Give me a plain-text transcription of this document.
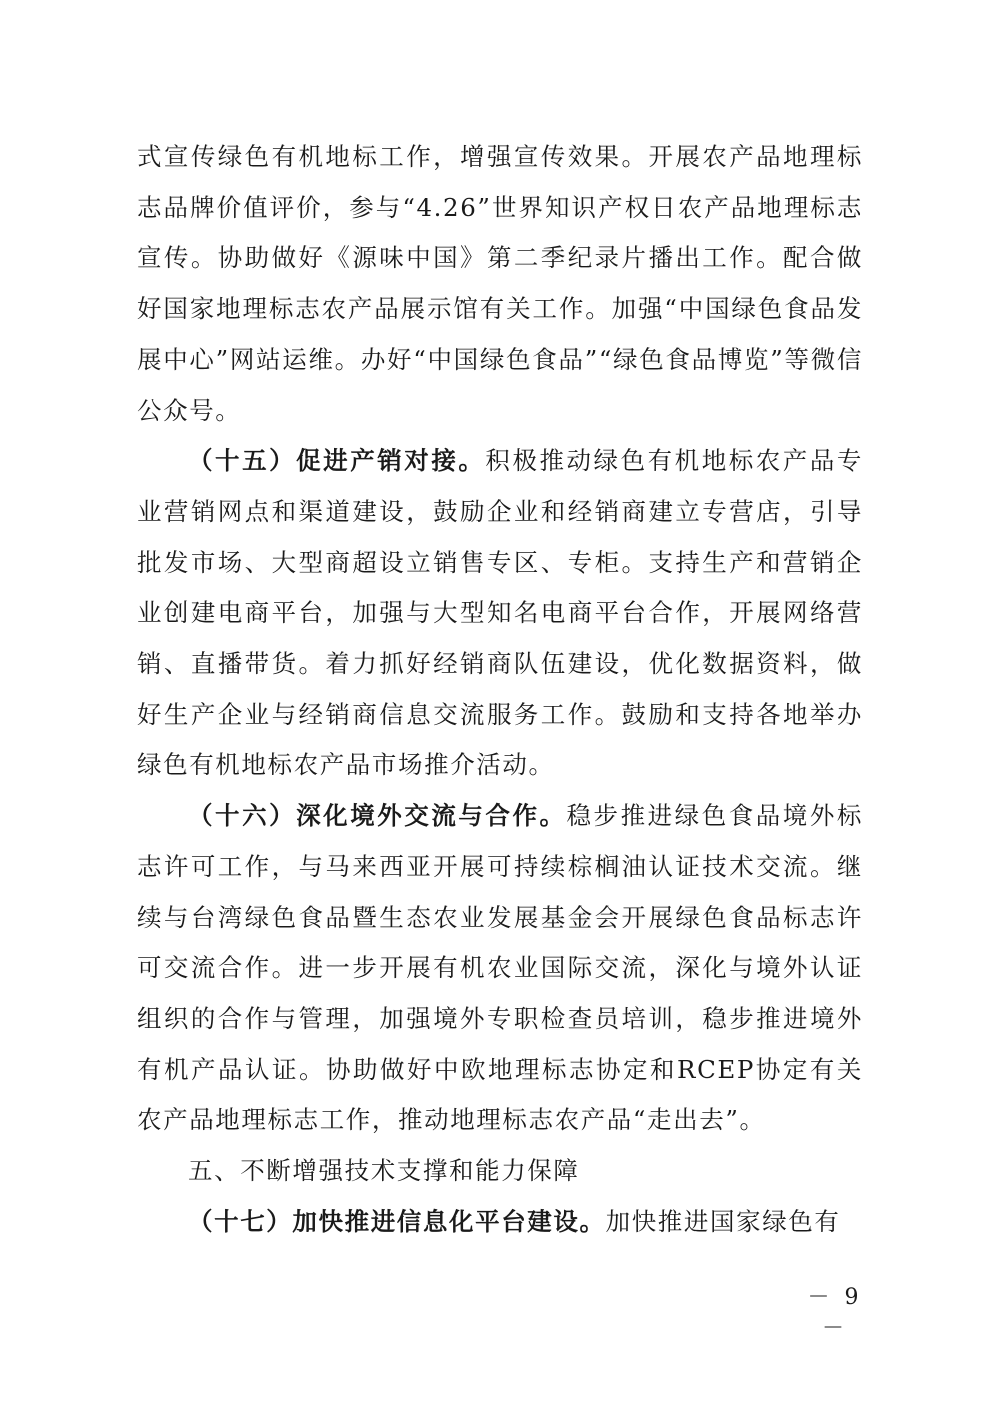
式宣传绿色有机地标工作，增强宣传效果。开展农产品地理标志品牌价值评价，参与“4.26”世界知识产权日农产品地理标志宣传。协助做好《源味中国》第二季纪录片播出工作。配合做好国家地理标志农产品展示馆有关工作。加强“中国绿色食品发展中心”网站运维。办好“中国绿色食品”“绿色食品博览”等微信公众号。

（十五）促进产销对接。积极推动绿色有机地标农产品专业营销网点和渠道建设，鼓励企业和经销商建立专营店，引导批发市场、大型商超设立销售专区、专柜。支持生产和营销企业创建电商平台，加强与大型知名电商平台合作，开展网络营销、直播带货。着力抓好经销商队伍建设，优化数据资料，做好生产企业与经销商信息交流服务工作。鼓励和支持各地举办绿色有机地标农产品市场推介活动。

（十六）深化境外交流与合作。稳步推进绿色食品境外标志许可工作，与马来西亚开展可持续棕榈油认证技术交流。继续与台湾绿色食品暨生态农业发展基金会开展绿色食品标志许可交流合作。进一步开展有机农业国际交流，深化与境外认证组织的合作与管理，加强境外专职检查员培训，稳步推进境外有机产品认证。协助做好中欧地理标志协定和RCEP协定有关农产品地理标志工作，推动地理标志农产品“走出去”。

五、不断增强技术支撑和能力保障

（十七）加快推进信息化平台建设。加快推进国家绿色有

－ 9 －
